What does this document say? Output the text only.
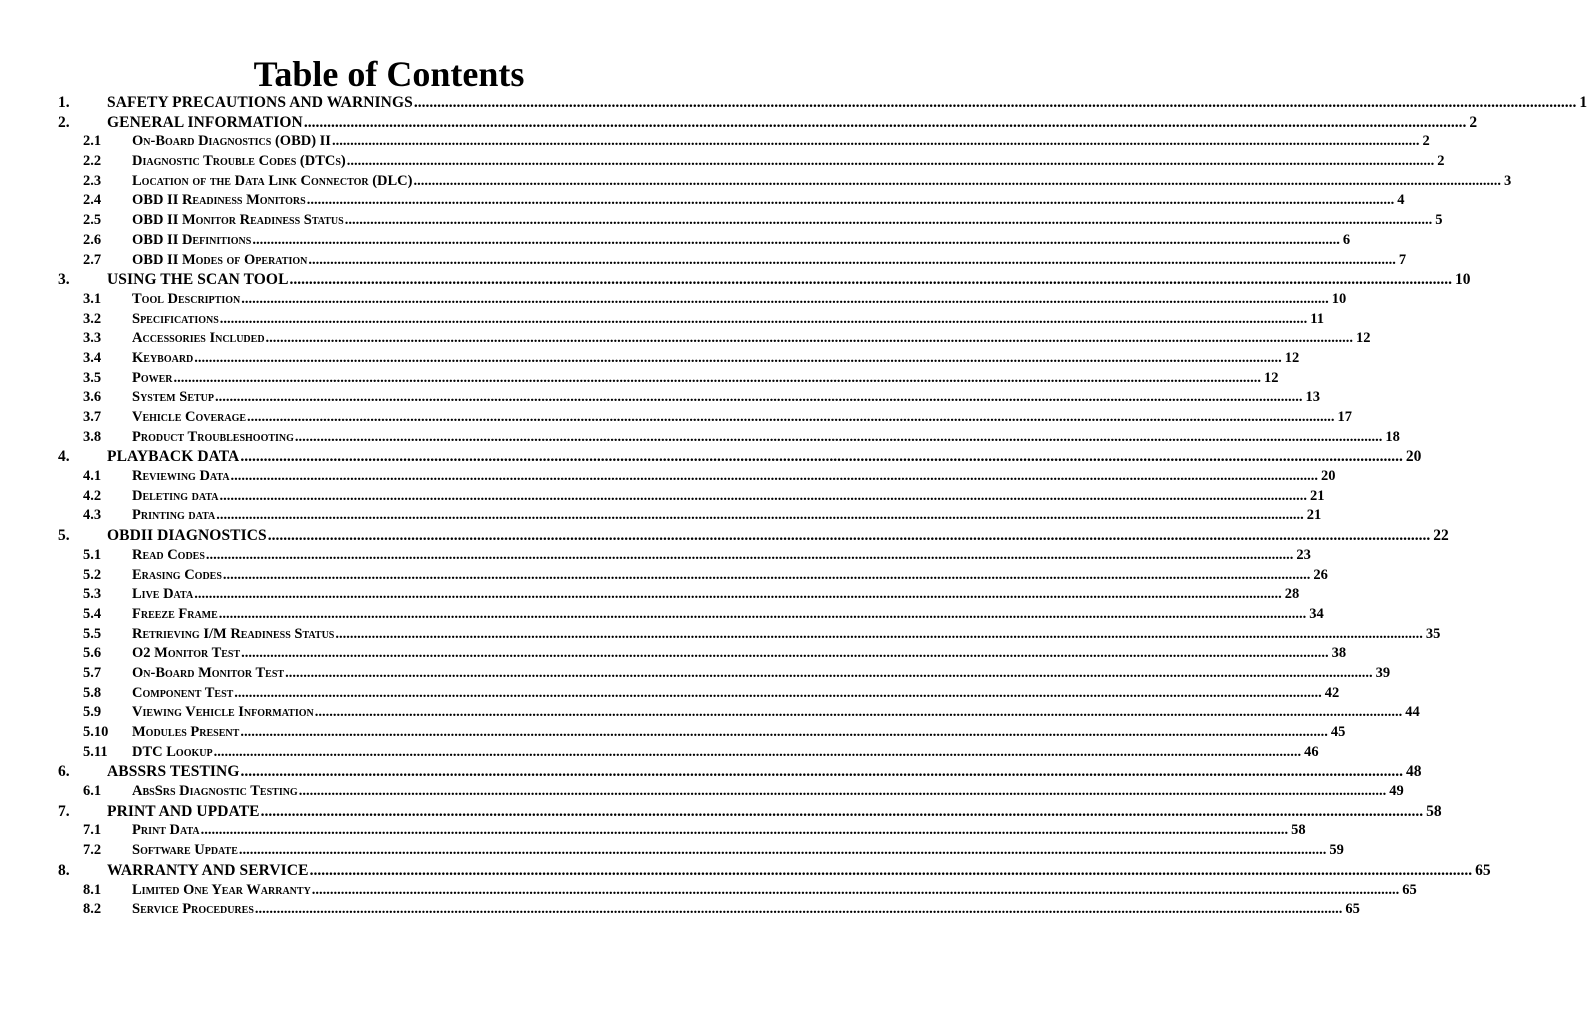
Table of Contents
1. SAFETY PRECAUTIONS AND WARNINGS ............................................................................................................................................................................................................................................................................................................ 1
2. GENERAL INFORMATION ............................................................................................................................................................................................................................................................................................................ 2
2.1 On-Board Diagnostics (OBD) II ............................................................................................................................................................................................................................................................................................................ 2
2.2 Diagnostic Trouble Codes (DTCs) ............................................................................................................................................................................................................................................................................................................ 2
2.3 Location of the Data Link Connector (DLC) ............................................................................................................................................................................................................................................................................................................ 3
2.4 OBD II Readiness Monitors ............................................................................................................................................................................................................................................................................................................ 4
2.5 OBD II Monitor Readiness Status ............................................................................................................................................................................................................................................................................................................ 5
2.6 OBD II Definitions ............................................................................................................................................................................................................................................................................................................ 6
2.7 OBD II Modes of Operation ............................................................................................................................................................................................................................................................................................................ 7
3. USING THE SCAN TOOL ............................................................................................................................................................................................................................................................................................................ 10
3.1 Tool Description ............................................................................................................................................................................................................................................................................................................ 10
3.2 Specifications ............................................................................................................................................................................................................................................................................................................ 11
3.3 Accessories Included ............................................................................................................................................................................................................................................................................................................ 12
3.4 Keyboard ............................................................................................................................................................................................................................................................................................................ 12
3.5 Power ............................................................................................................................................................................................................................................................................................................ 12
3.6 System Setup ............................................................................................................................................................................................................................................................................................................ 13
3.7 Vehicle Coverage ............................................................................................................................................................................................................................................................................................................ 17
3.8 Product Troubleshooting ............................................................................................................................................................................................................................................................................................................ 18
4. PLAYBACK DATA ............................................................................................................................................................................................................................................................................................................ 20
4.1 Reviewing Data ............................................................................................................................................................................................................................................................................................................ 20
4.2 Deleting data ............................................................................................................................................................................................................................................................................................................ 21
4.3 Printing data ............................................................................................................................................................................................................................................................................................................ 21
5. OBDII DIAGNOSTICS ............................................................................................................................................................................................................................................................................................................ 22
5.1 Read Codes ............................................................................................................................................................................................................................................................................................................ 23
5.2 Erasing Codes ............................................................................................................................................................................................................................................................................................................ 26
5.3 Live Data ............................................................................................................................................................................................................................................................................................................ 28
5.4 Freeze Frame ............................................................................................................................................................................................................................................................................................................ 34
5.5 Retrieving I/M Readiness Status ............................................................................................................................................................................................................................................................................................................ 35
5.6 O2 Monitor Test ............................................................................................................................................................................................................................................................................................................ 38
5.7 On-Board Monitor Test ............................................................................................................................................................................................................................................................................................................ 39
5.8 Component Test ............................................................................................................................................................................................................................................................................................................ 42
5.9 Viewing Vehicle Information ............................................................................................................................................................................................................................................................................................................ 44
5.10 Modules Present ............................................................................................................................................................................................................................................................................................................ 45
5.11 DTC Lookup ............................................................................................................................................................................................................................................................................................................ 46
6. ABSSRS TESTING ............................................................................................................................................................................................................................................................................................................ 48
6.1 AbsSrs Diagnostic Testing ............................................................................................................................................................................................................................................................................................................ 49
7. PRINT AND UPDATE ............................................................................................................................................................................................................................................................................................................ 58
7.1 Print Data ............................................................................................................................................................................................................................................................................................................ 58
7.2 Software Update ............................................................................................................................................................................................................................................................................................................ 59
8. WARRANTY AND SERVICE ............................................................................................................................................................................................................................................................................................................ 65
8.1 Limited One Year Warranty ............................................................................................................................................................................................................................................................................................................ 65
8.2 Service Procedures ............................................................................................................................................................................................................................................................................................................ 65
